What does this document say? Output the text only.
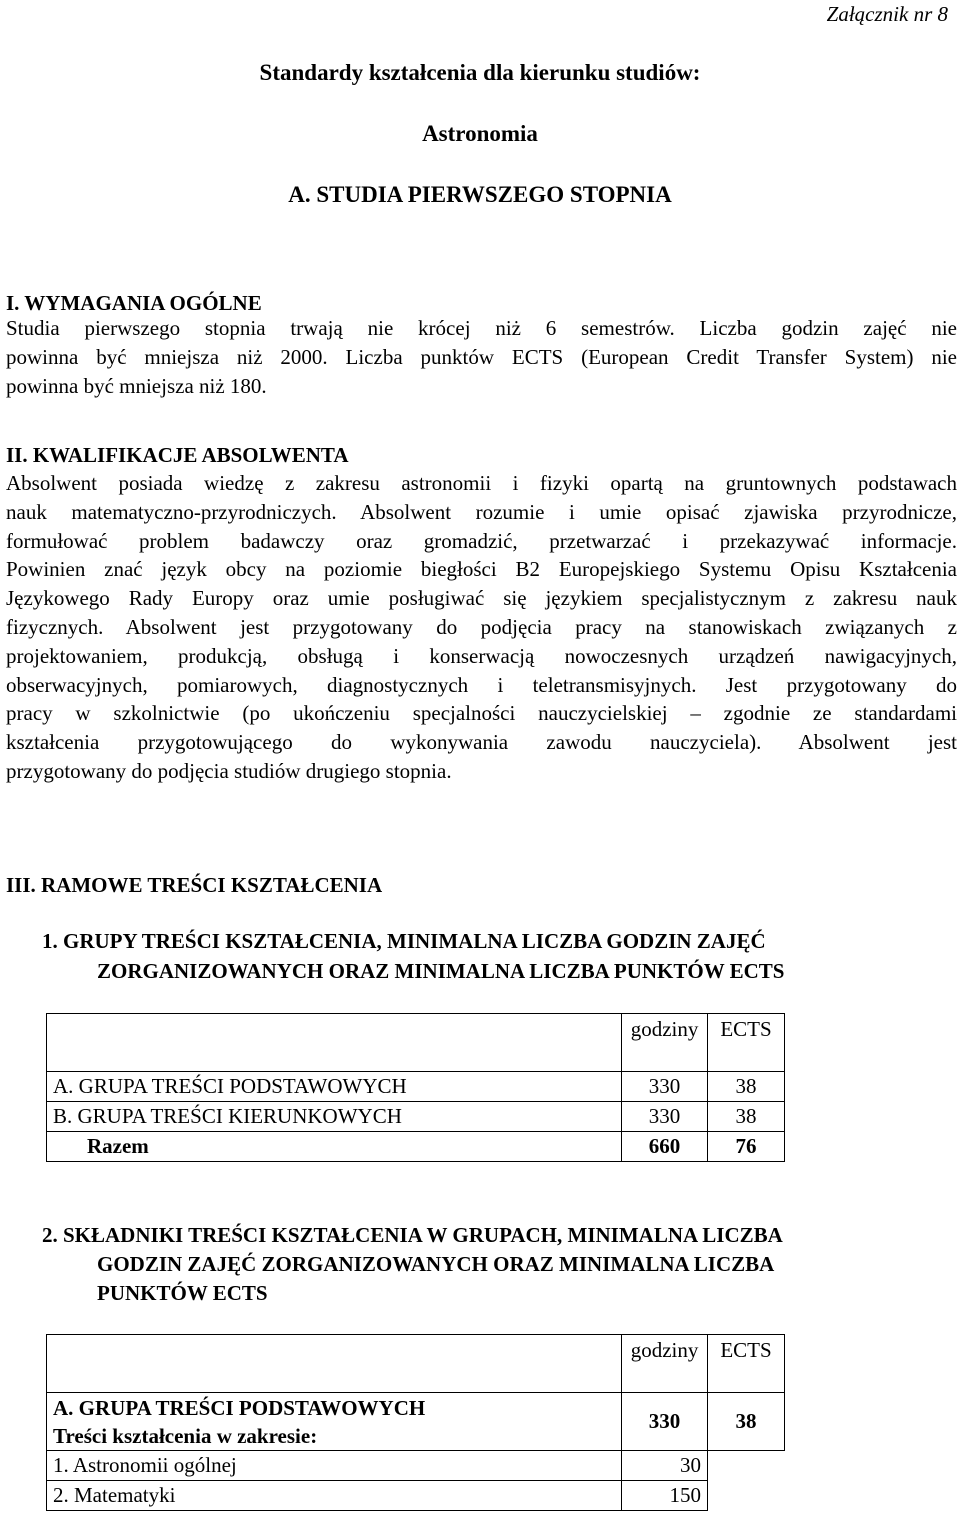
Załącznik nr 8
Standardy kształcenia dla kierunku studiów:
Astronomia
A. STUDIA PIERWSZEGO STOPNIA
I. WYMAGANIA OGÓLNE
Studia pierwszego stopnia trwają nie krócej niż 6 semestrów. Liczba godzin zajęć nie
powinna być mniejsza niż 2000. Liczba punktów ECTS (European Credit Transfer System) nie
powinna być mniejsza niż 180.
II. KWALIFIKACJE ABSOLWENTA
Absolwent posiada wiedzę z zakresu astronomii i fizyki opartą na gruntownych podstawach
nauk matematyczno-przyrodniczych. Absolwent rozumie i umie opisać zjawiska przyrodnicze,
formułować problem badawczy oraz gromadzić, przetwarzać i przekazywać informacje.
Powinien znać język obcy na poziomie biegłości B2 Europejskiego Systemu Opisu Kształcenia
Językowego Rady Europy oraz umie posługiwać się językiem specjalistycznym z zakresu nauk
fizycznych. Absolwent jest przygotowany do podjęcia pracy na stanowiskach związanych z
projektowaniem, produkcją, obsługą i konserwacją nowoczesnych urządzeń nawigacyjnych,
obserwacyjnych, pomiarowych, diagnostycznych i teletransmisyjnych. Jest przygotowany do
pracy w szkolnictwie (po ukończeniu specjalności nauczycielskiej – zgodnie ze standardami
kształcenia przygotowującego do wykonywania zawodu nauczyciela). Absolwent jest
przygotowany do podjęcia studiów drugiego stopnia.
III. RAMOWE TREŚCI KSZTAŁCENIA
1. GRUPY TREŚCI KSZTAŁCENIA, MINIMALNA LICZBA GODZIN ZAJĘĆ
ZORGANIZOWANYCH ORAZ MINIMALNA LICZBA PUNKTÓW ECTS
	godziny	ECTS
A. GRUPA TREŚCI PODSTAWOWYCH	330	38
B. GRUPA TREŚCI KIERUNKOWYCH	330	38
Razem	660	76
2. SKŁADNIKI TREŚCI KSZTAŁCENIA W GRUPACH, MINIMALNA LICZBA
GODZIN ZAJĘĆ ZORGANIZOWANYCH ORAZ MINIMALNA LICZBA
PUNKTÓW ECTS
	godziny	ECTS

A. GRUPA TREŚCI PODSTAWOWYCH
Treści kształcenia w zakresie:	330	38
1. Astronomii ogólnej	30	
2. Matematyki	150	
